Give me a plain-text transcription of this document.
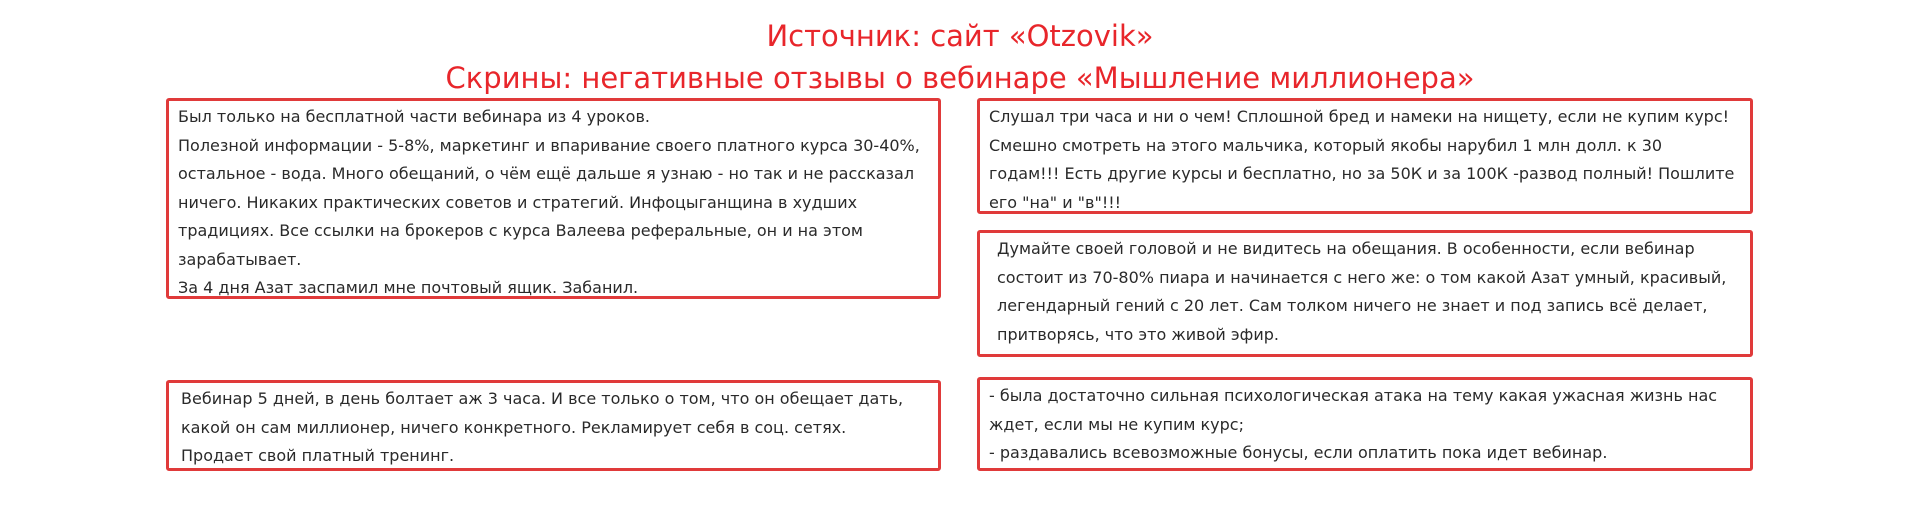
Источник: сайт «Otzovik»
Скрины: негативные отзывы о вебинаре «Мышление миллионера»

Был только на бесплатной части вебинара из 4 уроков.

Полезной информации - 5-8%, маркетинг и впаривание своего платного курса 30-40%,

остальное - вода. Много обещаний, о чём ещё дальше я узнаю - но так и не рассказал

ничего. Никаких практических советов и стратегий. Инфоцыганщина в худших

традициях. Все ссылки на брокеров с курса Валеева реферальные, он и на этом

зарабатывает.

За 4 дня Азат заспамил мне почтовый ящик. Забанил.

Слушал три часа и ни о чем! Сплошной бред и намеки на нищету, если не купим курс!

Смешно смотреть на этого мальчика, который якобы нарубил 1 млн долл. к 30

годам!!! Есть другие курсы и бесплатно, но за 50К и за 100К -развод полный! Пошлите

его "на" и "в"!!!

Думайте своей головой и не видитесь на обещания. В особенности, если вебинар

состоит из 70-80% пиара и начинается с него же: о том какой Азат умный, красивый,

легендарный гений с 20 лет. Сам толком ничего не знает и под запись всё делает,

притворясь, что это живой эфир.

Вебинар 5 дней, в день болтает аж 3 часа. И все только о том, что он обещает дать,

какой он сам миллионер, ничего конкретного. Рекламирует себя в соц. сетях.

Продает свой платный тренинг.

- была достаточно сильная психологическая атака на тему какая ужасная жизнь нас

ждет, если мы не купим курс;

- раздавались всевозможные бонусы, если оплатить пока идет вебинар.
